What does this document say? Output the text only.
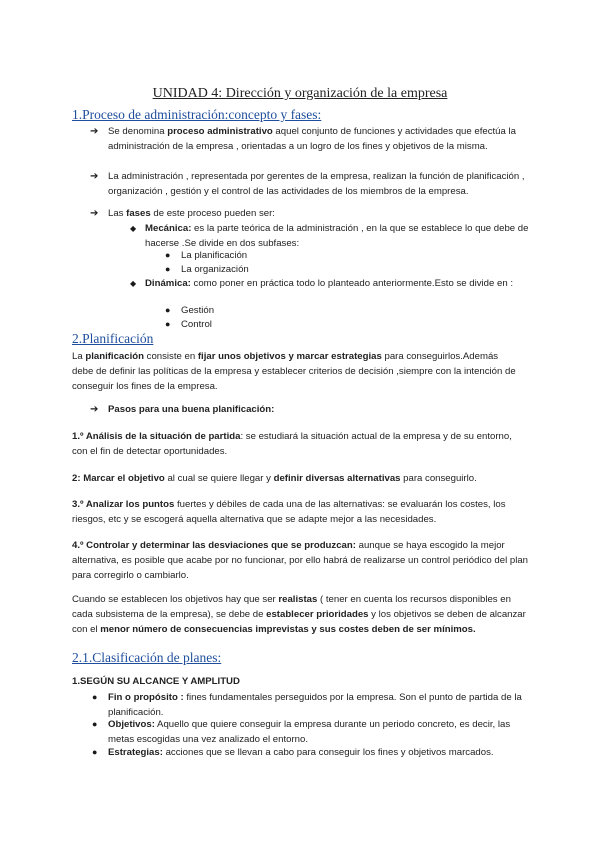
UNIDAD 4: Dirección y organización de la empresa
1.Proceso de administración:concepto y fases:
➔ Se denomina proceso administrativo aquel conjunto de funciones y actividades que efectúa la administración de la empresa , orientadas a un logro de los fines y objetivos de la misma.
➔ La administración , representada por gerentes de la empresa, realizan la función de planificación , organización , gestión y el control de las actividades de los miembros de la empresa.
➔ Las fases de este proceso pueden ser:
◆ Mecánica: es la parte teórica de la administración , en la que se establece lo que debe de hacerse .Se divide en dos subfases:
● La planificación
● La organización
◆ Dinámica: como poner en práctica todo lo planteado anteriormente.Esto se divide en :
● Gestión
● Control
2.Planificación
La planificación consiste en fijar unos objetivos y marcar estrategias para conseguirlos.Además debe de definir las políticas de la empresa y establecer criterios de decisión ,siempre con la intención de conseguir los fines de la empresa.
➔ Pasos para una buena planificación:
1.º Análisis de la situación de partida: se estudiará la situación actual de la empresa y de su entorno, con el fin de detectar oportunidades.
2: Marcar el objetivo al cual se quiere llegar y definir diversas alternativas para conseguirlo.
3.º Analizar los puntos fuertes y débiles de cada una de las alternativas: se evaluarán los costes, los riesgos, etc y se escogerá aquella alternativa que se adapte mejor a las necesidades.
4.º Controlar y determinar las desviaciones que se produzcan: aunque se haya escogido la mejor alternativa, es posible que acabe por no funcionar, por ello habrá de realizarse un control periódico del plan para corregirlo o cambiarlo.
Cuando se establecen los objetivos hay que ser realistas ( tener en cuenta los recursos disponibles en cada subsistema de la empresa), se debe de establecer prioridades y los objetivos se deben de alcanzar con el menor número de consecuencias imprevistas y sus costes deben de ser mínimos.
2.1.Clasificación de planes:
1.SEGÚN SU ALCANCE Y AMPLITUD
● Fin o propósito : fines fundamentales perseguidos por la empresa. Son el punto de partida de la planificación.
● Objetivos: Aquello que quiere conseguir la empresa durante un periodo concreto, es decir, las metas escogidas una vez analizado el entorno.
● Estrategias: acciones que se llevan a cabo para conseguir los fines y objetivos marcados.
